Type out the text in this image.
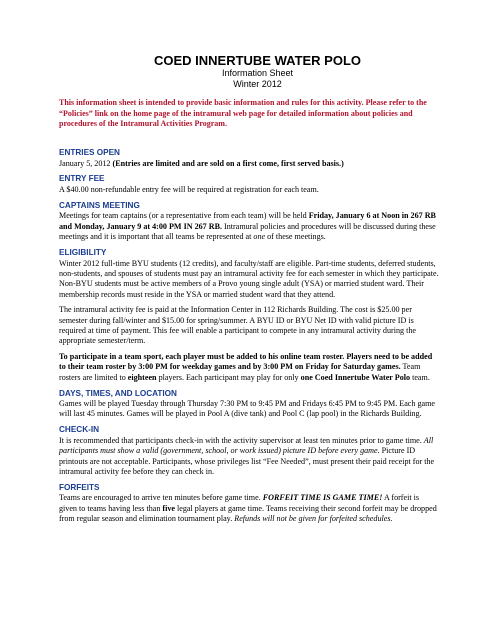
COED INNERTUBE WATER POLO
Information Sheet
Winter 2012
This information sheet is intended to provide basic information and rules for this activity. Please refer to the “Policies” link on the home page of the intramural web page for detailed information about policies and procedures of the Intramural Activities Program.
ENTRIES OPEN

January 5, 2012 (Entries are limited and are sold on a first come, first served basis.)

ENTRY FEE

A $40.00 non-refundable entry fee will be required at registration for each team.

CAPTAINS MEETING

Meetings for team captains (or a representative from each team) will be held Friday, January 6 at Noon in 267 RB and Monday, January 9 at 4:00 PM IN 267 RB. Intramural policies and procedures will be discussed during these meetings and it is important that all teams be represented at one of these meetings.

ELIGIBILITY

Winter 2012 full-time BYU students (12 credits), and faculty/staff are eligible. Part-time students, deferred students, non-students, and spouses of students must pay an intramural activity fee for each semester in which they participate. Non-BYU students must be active members of a Provo young single adult (YSA) or married student ward. Their membership records must reside in the YSA or married student ward that they attend.

The intramural activity fee is paid at the Information Center in 112 Richards Building. The cost is $25.00 per semester during fall/winter and $15.00 for spring/summer. A BYU ID or BYU Net ID with valid picture ID is required at time of payment. This fee will enable a participant to compete in any intramural activity during the appropriate semester/term.

To participate in a team sport, each player must be added to his online team roster. Players need to be added to their team roster by 3:00 PM for weekday games and by 3:00 PM on Friday for Saturday games. Team rosters are limited to eighteen players. Each participant may play for only one Coed Innertube Water Polo team.

DAYS, TIMES, AND LOCATION

Games will be played Tuesday through Thursday 7:30 PM to 9:45 PM and Fridays 6:45 PM to 9:45 PM. Each game will last 45 minutes. Games will be played in Pool A (dive tank) and Pool C (lap pool) in the Richards Building.

CHECK-IN

It is recommended that participants check-in with the activity supervisor at least ten minutes prior to game time. All participants must show a valid (government, school, or work issued) picture ID before every game. Picture ID printouts are not acceptable. Participants, whose privileges list “Fee Needed”, must present their paid receipt for the intramural activity fee before they can check in.

FORFEITS

Teams are encouraged to arrive ten minutes before game time. FORFEIT TIME IS GAME TIME! A forfeit is given to teams having less than five legal players at game time. Teams receiving their second forfeit may be dropped from regular season and elimination tournament play. Refunds will not be given for forfeited schedules.
